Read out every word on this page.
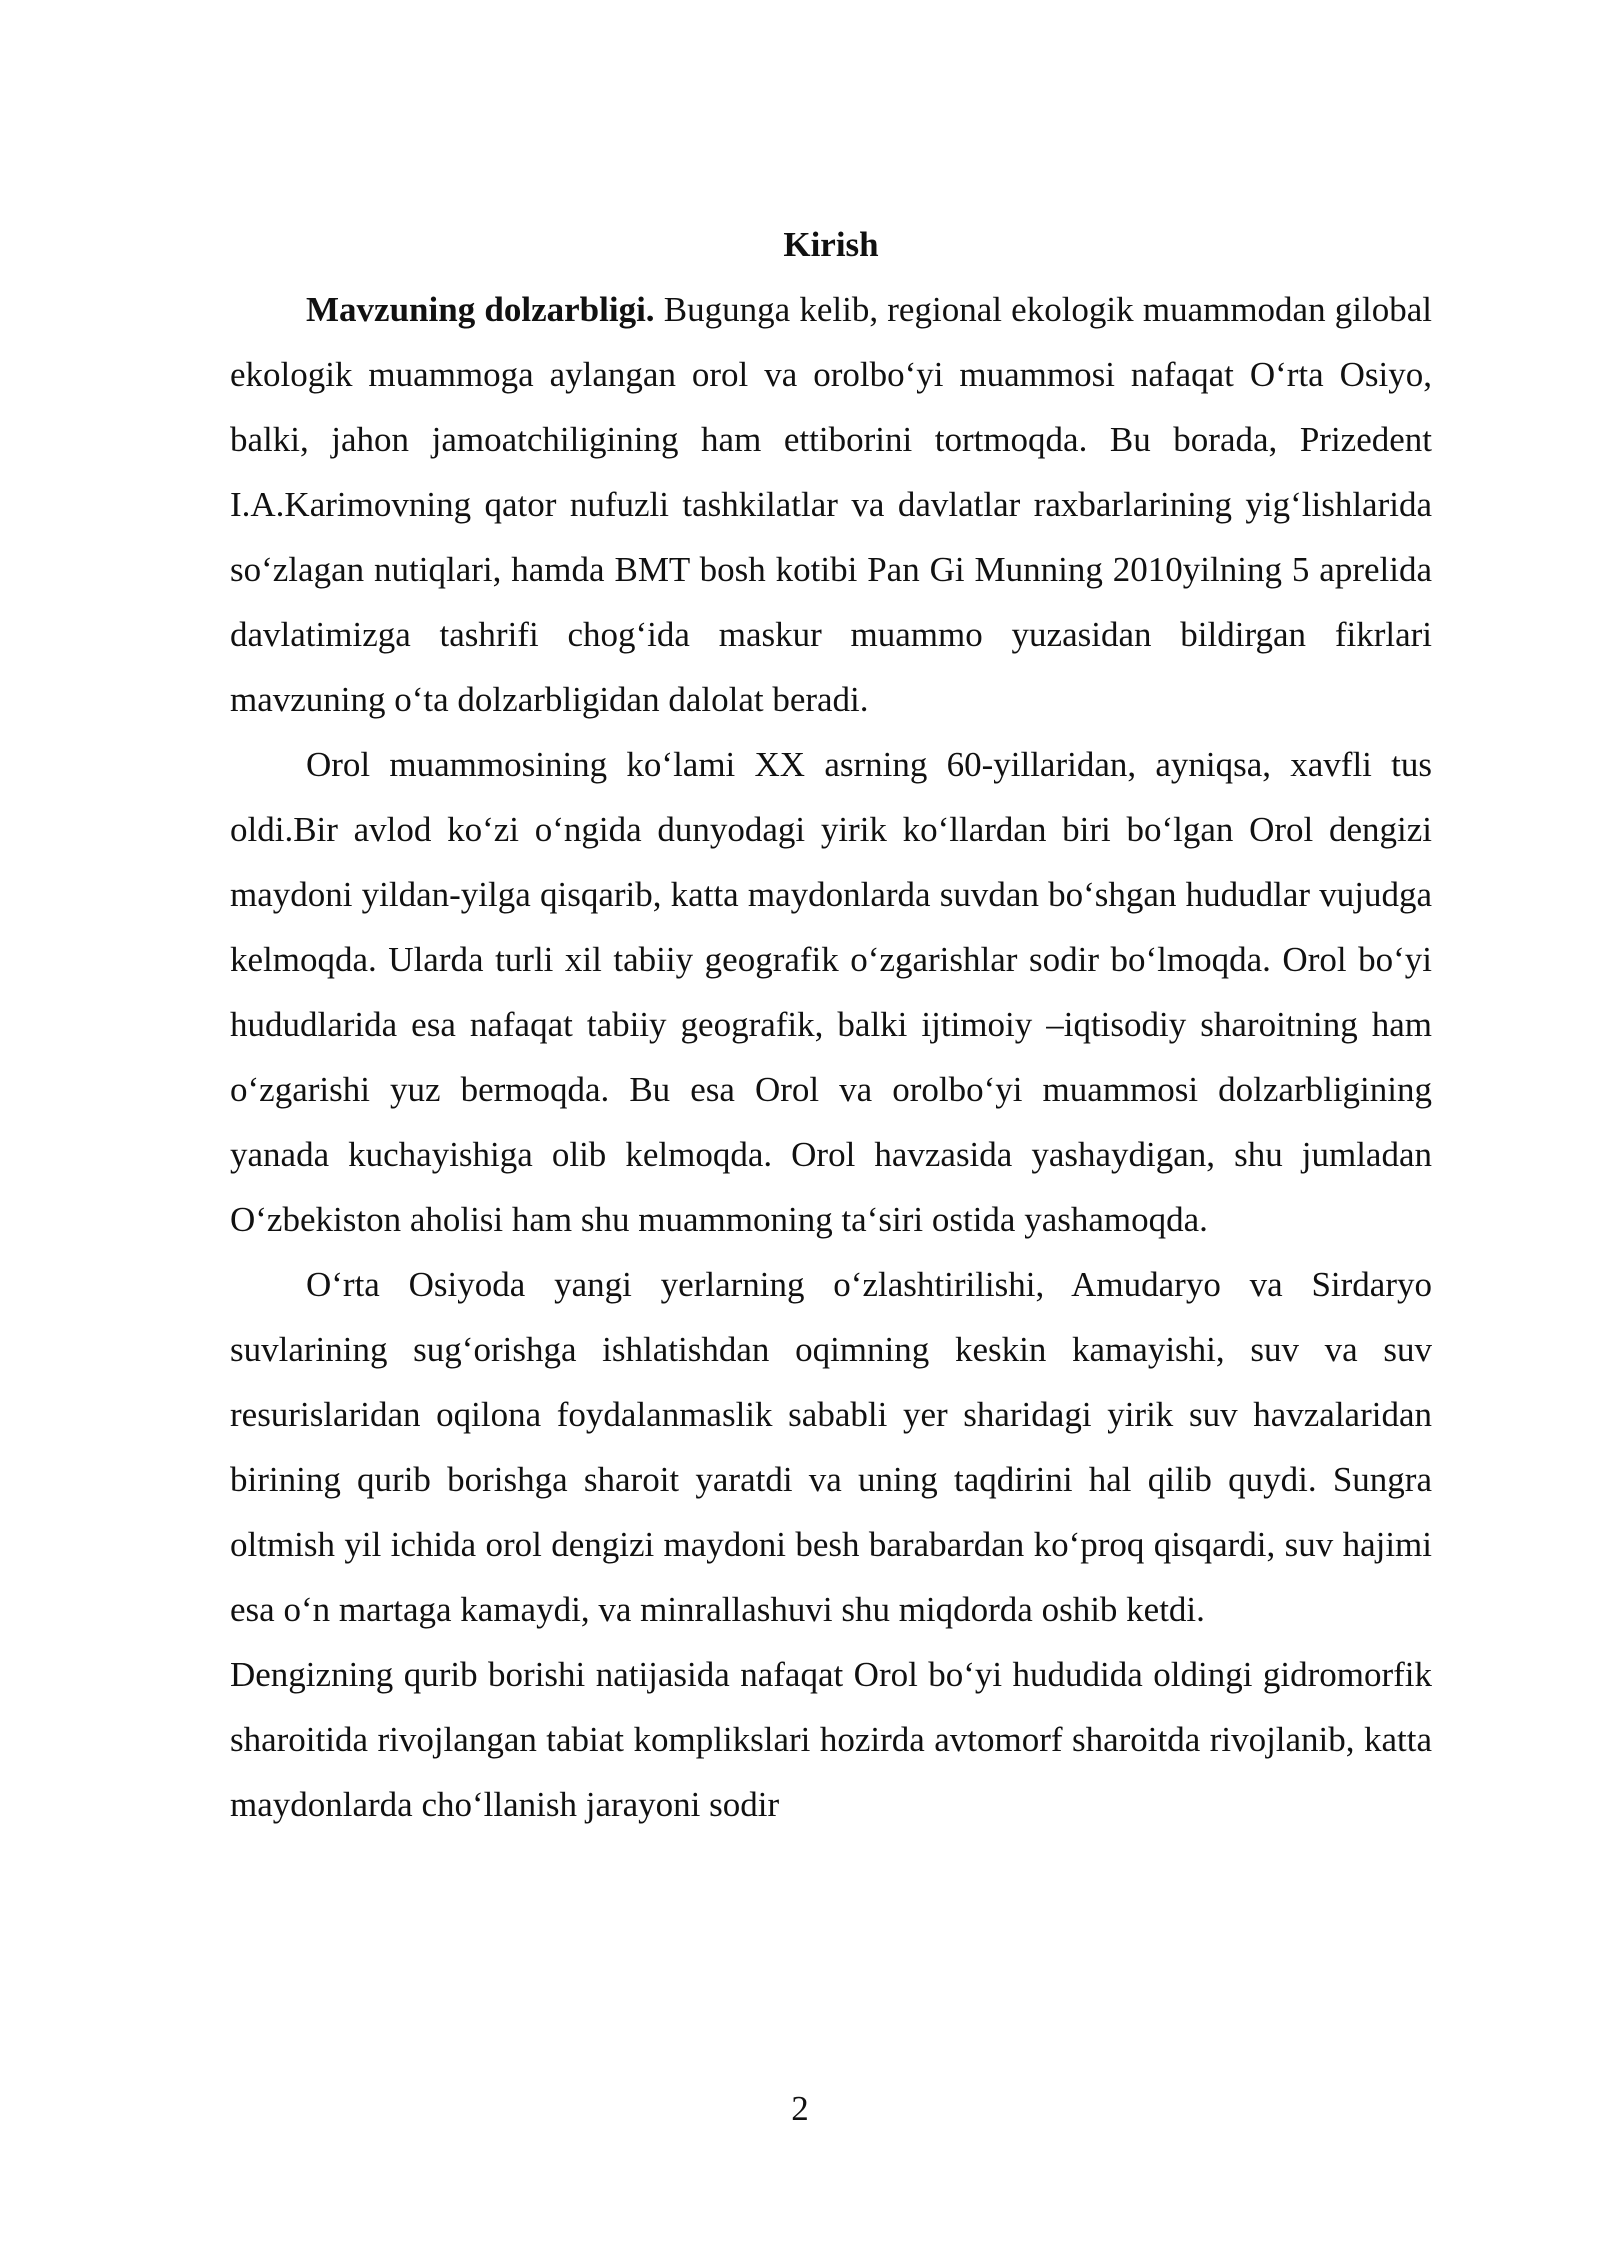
Kirish

Mavzuning dolzarbligi. Bugunga kelib, regional ekologik muammodan gilobal ekologik muammoga aylangan orol va orolboʻyi muammosi nafaqat Oʻrta Osiyo, balki, jahon jamoatchiligining ham ettiborini tortmoqda. Bu borada, Prizedent I.A.Karimovning qator nufuzli tashkilatlar va davlatlar raxbarlarining yigʻlishlarida soʻzlagan nutiqlari, hamda BMT bosh kotibi Pan Gi Munning 2010yilning 5 aprelida davlatimizga tashrifi chogʻida maskur muammo yuzasidan bildirgan fikrlari mavzuning oʻta dolzarbligidan dalolat beradi.

Orol muammosining koʻlami XX asrning 60-yillaridan, ayniqsa, xavfli tus oldi.Bir avlod koʻzi oʻngida dunyodagi yirik koʻllardan biri boʻlgan Orol dengizi maydoni yildan-yilga qisqarib, katta maydonlarda suvdan boʻshgan hududlar vujudga kelmoqda. Ularda turli xil tabiiy geografik oʻzgarishlar sodir boʻlmoqda. Orol boʻyi hududlarida esa nafaqat tabiiy geografik, balki ijtimoiy –iqtisodiy sharoitning ham oʻzgarishi yuz bermoqda. Bu esa Orol va orolboʻyi muammosi dolzarbligining yanada kuchayishiga olib kelmoqda. Orol havzasida yashaydigan, shu jumladan Oʻzbekiston aholisi ham shu muammoning taʻsiri ostida yashamoqda.

Oʻrta Osiyoda yangi yerlarning oʻzlashtirilishi, Amudaryo va Sirdaryo suvlarining sugʻorishga ishlatishdan oqimning keskin kamayishi, suv va suv resurislaridan oqilona foydalanmaslik sababli yer sharidagi yirik suv havzalaridan birining qurib borishga sharoit yaratdi va uning taqdirini hal qilib quydi. Sungra oltmish yil ichida orol dengizi maydoni besh barabardan koʻproq qisqardi, suv hajimi esa oʻn martaga kamaydi, va minrallashuvi shu miqdorda oshib ketdi.

Dengizning qurib borishi natijasida nafaqat Orol boʻyi hududida oldingi gidromorfik sharoitida rivojlangan tabiat komplikslari hozirda avtomorf sharoitda rivojlanib, katta maydonlarda choʻllanish jarayoni sodir

2
